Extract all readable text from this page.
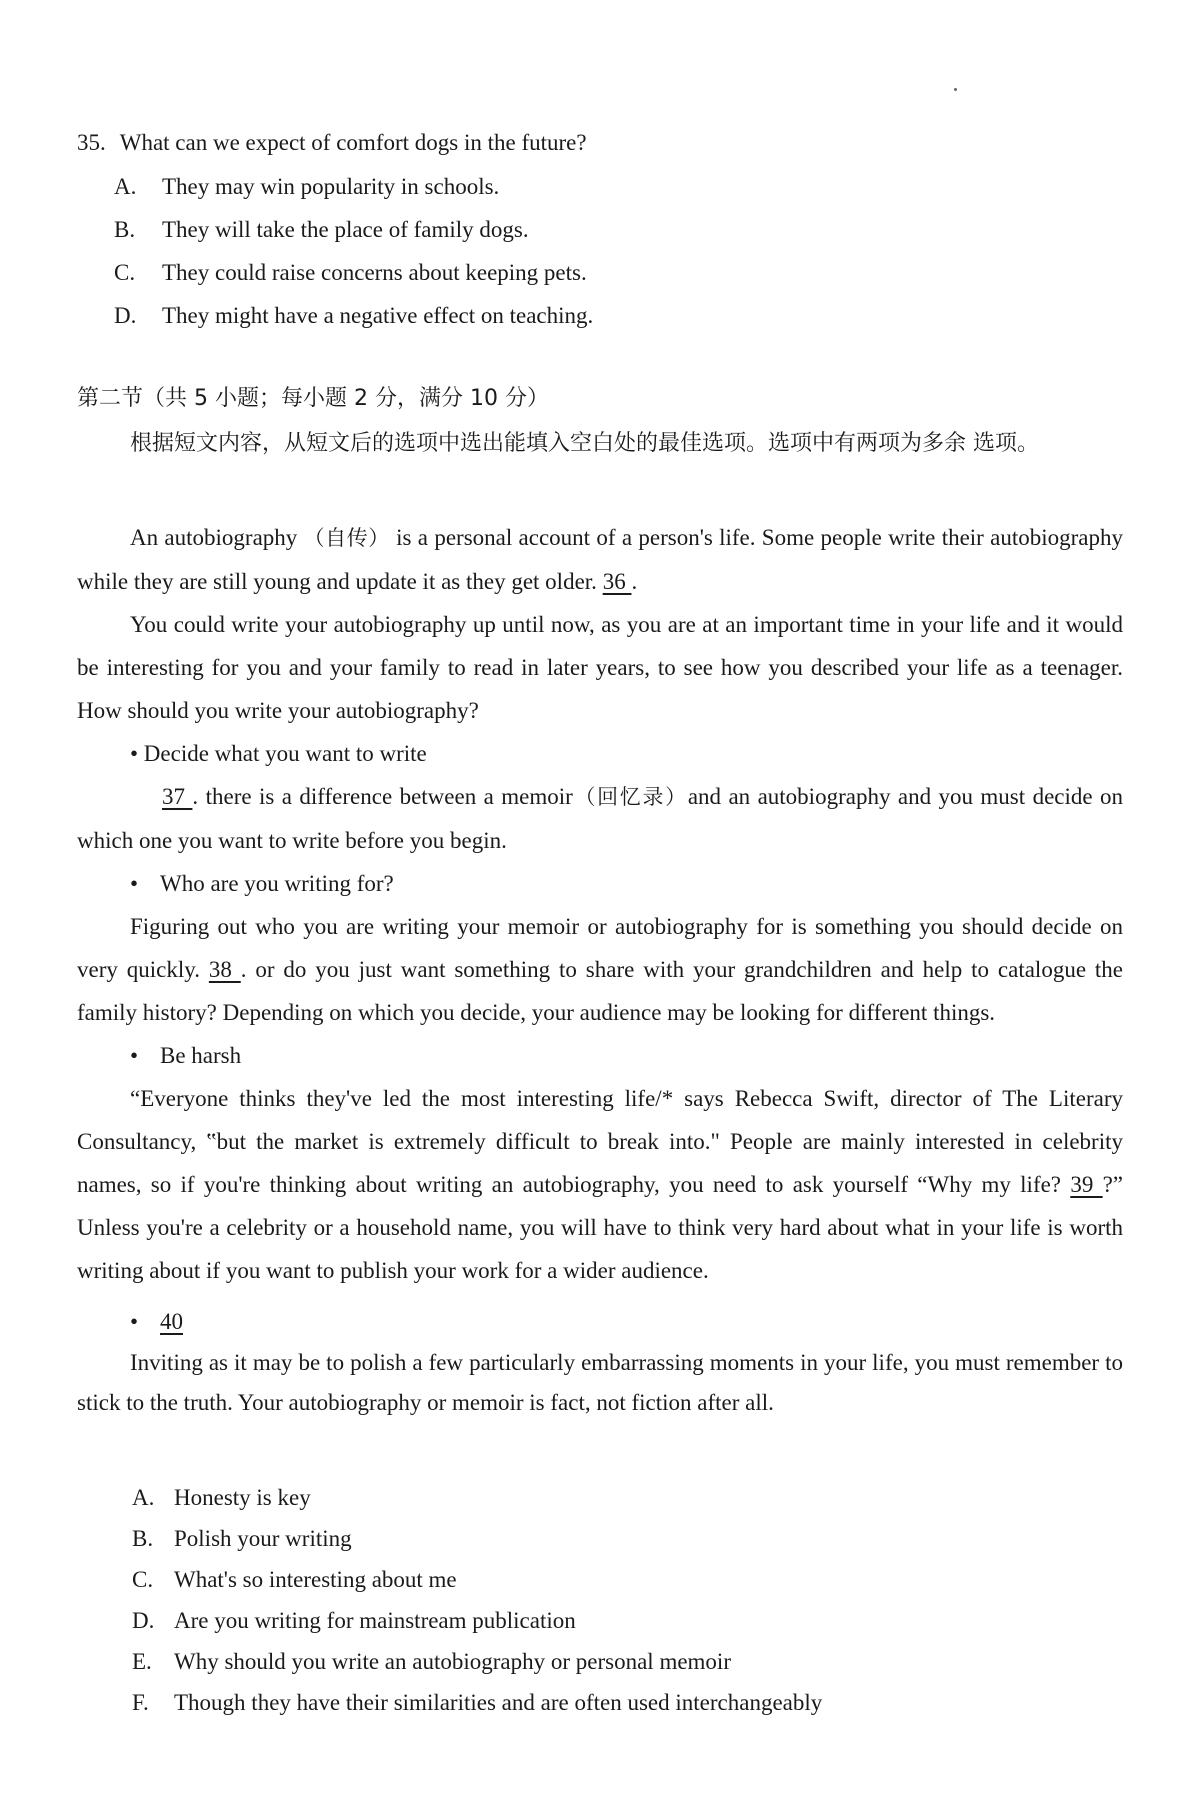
35. What can we expect of comfort dogs in the future?
A. They may win popularity in schools.
B. They will take the place of family dogs.
C. They could raise concerns about keeping pets.
D. They might have a negative effect on teaching.
第二节（共 5 小题；每小题 2 分，满分 10 分）
根据短文内容，从短文后的选项中选出能填入空白处的最佳选项。选项中有两项为多余 选项。

An autobiography （自传） is a personal account of a person's life. Some people write their autobiography while they are still young and update it as they get older. 36 .

You could write your autobiography up until now, as you are at an important time in your life and it would be interesting for you and your family to read in later years, to see how you described your life as a teenager. How should you write your autobiography?

• Decide what you want to write

37 . there is a difference between a memoir（回忆录）and an autobiography and you must decide on which one you want to write before you begin.

• Who are you writing for?

Figuring out who you are writing your memoir or autobiography for is something you should decide on very quickly. 38 . or do you just want something to share with your grandchildren and help to catalogue the family history? Depending on which you decide, your audience may be looking for different things.

• Be harsh

“Everyone thinks they've led the most interesting life/* says Rebecca Swift, director of The Literary Consultancy, ‟but the market is extremely difficult to break into." People are mainly interested in celebrity names, so if you're thinking about writing an autobiography, you need to ask yourself “Why my life? 39 ?” Unless you're a celebrity or a household name, you will have to think very hard about what in your life is worth writing about if you want to publish your work for a wider audience.

• 40

Inviting as it may be to polish a few particularly embarrassing moments in your life, you must remember to stick to the truth. Your autobiography or memoir is fact, not fiction after all.

A. Honesty is key
B. Polish your writing
C. What's so interesting about me
D. Are you writing for mainstream publication
E. Why should you write an autobiography or personal memoir
F. Though they have their similarities and are often used interchangeably
